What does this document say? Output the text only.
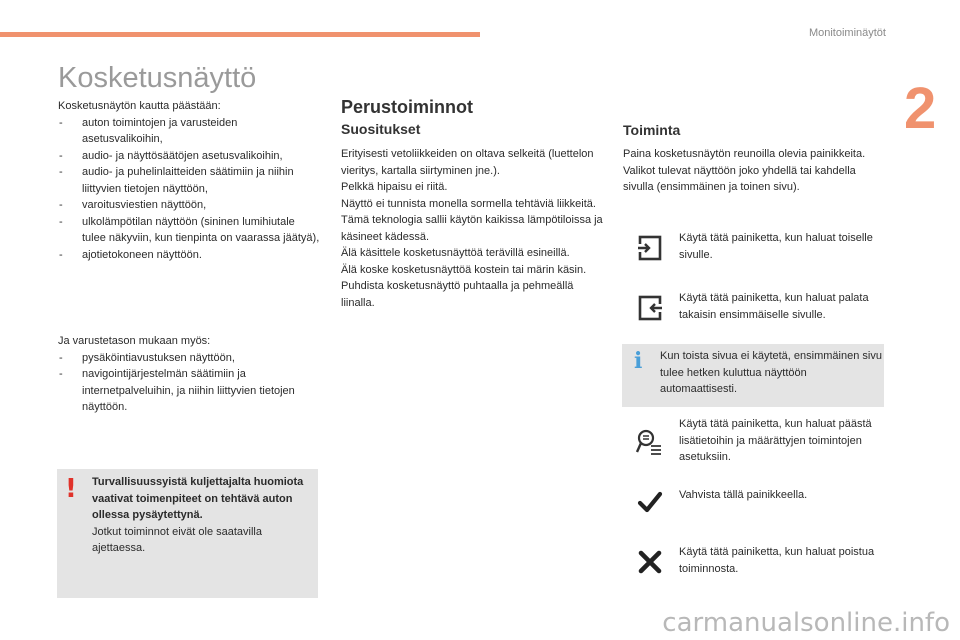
Monitoiminäytöt
2
Kosketusnäyttö
Kosketusnäytön kautta päästään:
- auton toimintojen ja varusteiden asetusvalikoihin,
- audio- ja näyttösäätöjen asetusvalikoihin,
- audio- ja puhelinlaitteiden säätimiin ja niihin liittyvien tietojen näyttöön,
- varoitusviestien näyttöön,
- ulkolämpötilan näyttöön (sininen lumihiutale tulee näkyviin, kun tienpinta on vaarassa jäätyä),
- ajotietokoneen näyttöön.
Ja varustetason mukaan myös:
- pysäköintiavustuksen näyttöön,
- navigointijärjestelmän säätimiin ja internetpalveluihin, ja niihin liittyvien tietojen näyttöön.
! Turvallisuussyistä kuljettajalta huomiota vaativat toimenpiteet on tehtävä auton ollessa pysäytettynä.
Jotkut toiminnot eivät ole saatavilla ajettaessa.
Perustoiminnot
Suositukset
Erityisesti vetoliikkeiden on oltava selkeitä (luettelon vieritys, kartalla siirtyminen jne.).
Pelkkä hipaisu ei riitä.
Näyttö ei tunnista monella sormella tehtäviä liikkeitä.
Tämä teknologia sallii käytön kaikissa lämpötiloissa ja käsineet kädessä.
Älä käsittele kosketusnäyttöä terävillä esineillä.
Älä koske kosketusnäyttöä kostein tai märin käsin.
Puhdista kosketusnäyttö puhtaalla ja pehmeällä liinalla.
Toiminta
Paina kosketusnäytön reunoilla olevia painikkeita.
Valikot tulevat näyttöön joko yhdellä tai kahdella sivulla (ensimmäinen ja toinen sivu).
Käytä tätä painiketta, kun haluat toiselle sivulle.
Käytä tätä painiketta, kun haluat palata takaisin ensimmäiselle sivulle.
i Kun toista sivua ei käytetä, ensimmäinen sivu tulee hetken kuluttua näyttöön automaattisesti.
Käytä tätä painiketta, kun haluat päästä lisätietoihin ja määrättyjen toimintojen asetuksiin.
Vahvista tällä painikkeella.
Käytä tätä painiketta, kun haluat poistua toiminnosta.
carmanualsonline.info
